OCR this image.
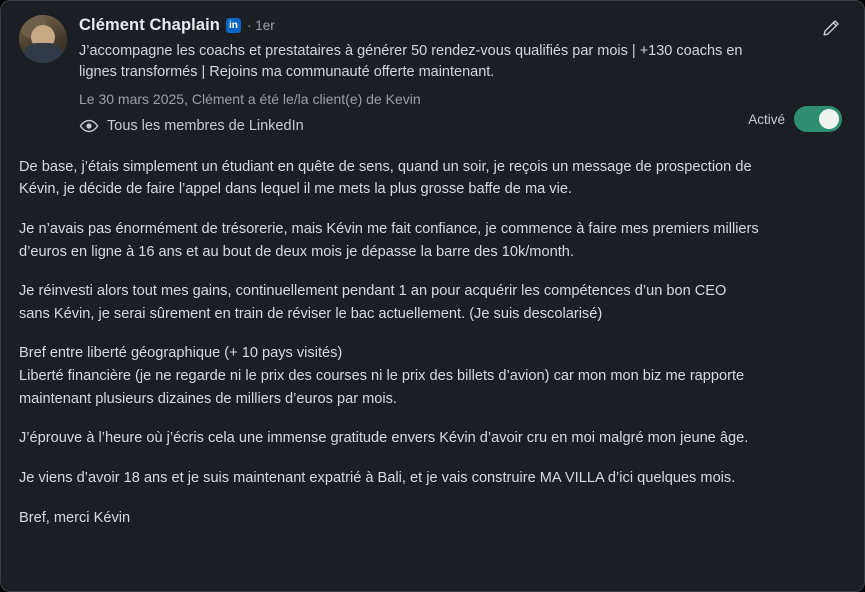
Clément Chaplain in · 1er
J’accompagne les coachs et prestataires à générer 50 rendez-vous qualifiés par mois | +130 coachs en lignes transformés | Rejoins ma communauté offerte maintenant.
Le 30 mars 2025, Clément a été le/la client(e) de Kevin
Tous les membres de LinkedIn	Activé

De base, j’étais simplement un étudiant en quête de sens, quand un soir, je reçois un message de prospection de Kévin, je décide de faire l’appel dans lequel il me mets la plus grosse baffe de ma vie.

Je n’avais pas énormément de trésorerie, mais Kévin me fait confiance, je commence à faire mes premiers milliers d’euros en ligne à 16 ans et au bout de deux mois je dépasse la barre des 10k/month.

Je réinvesti alors tout mes gains, continuellement pendant 1 an pour acquérir les compétences d’un bon CEO sans Kévin, je serai sûrement en train de réviser le bac actuellement. (Je suis descolarisé)

Bref entre liberté géographique (+ 10 pays visités)

Liberté financière (je ne regarde ni le prix des courses ni le prix des billets d’avion) car mon mon biz me rapporte maintenant plusieurs dizaines de milliers d’euros par mois.

J’éprouve à l’heure où j’écris cela une immense gratitude envers Kévin d’avoir cru en moi malgré mon jeune âge.

Je viens d’avoir 18 ans et je suis maintenant expatrié à Bali, et je vais construire MA VILLA d’ici quelques mois.

Bref, merci Kévin
